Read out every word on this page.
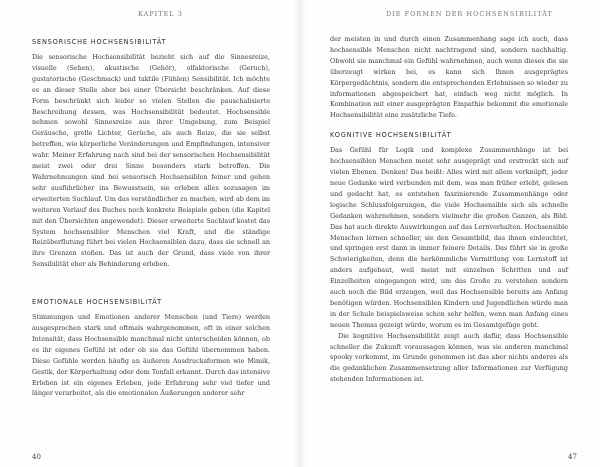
KAPITEL 3
SENSORISCHE HOCHSENSIBILITÄT

Die sensorische Hochsensibilität bezieht sich auf die Sinnesreize, visuelle (Sehen), akustische (Gehör), olfaktorische (Geruch), gustatorische (Geschmack) und taktile (Fühlen) Sensibilität. Ich möchte es an dieser Stelle aber bei einer Übersicht beschränken. Auf diese Form beschränkt sich leider so vielen Stellen die pauschalisierte Beschreibung dessen, was Hochsensibilität bedeutet. Hochsensible nehmen sowohl Sinnesreize aus ihrer Umgebung, zum Beispiel Geräusche, grelle Lichter, Gerüche, als auch Reize, die sie selbst betreffen, wie körperliche Veränderungen und Empfindungen, intensiver wahr. Meiner Erfahrung nach sind bei der sensorischen Hochsensibilität meist zwei oder drei Sinne besonders stark betroffen. Die Wahrnehmungen sind bei sensorisch Hochsensiblen feiner und gehen sehr ausführlicher ins Bewusstsein, sie erleben alles sozusagen im erweiterten Suchlauf. Um das verständlicher zu machen, wird ab dem im weiteren Verlauf des Buches noch konkrete Beispiele geben (die Kapitel mit den Übersichten angewendet). Dieser erweiterte Suchlauf kostet das System hochsensibler Menschen viel Kraft, und die ständige Reizüberflutung führt bei vielen Hochsensiblen dazu, dass sie schnell an ihre Grenzen stoßen. Das ist auch der Grund, dass viele von ihrer Sensibilität eher als Behinderung erleben.

EMOTIONALE HOCHSENSIBILITÄT

Stimmungen und Emotionen anderer Menschen (und Tiere) werden ausgesprochen stark und oftmals wahrgenommen, oft in einer solchen Intensität, dass Hochsensible manchmal nicht unterscheiden können, ob es ihr eigenes Gefühl ist oder ob sie das Gefühl übernommen haben. Diese Gefühle werden häufig an äußeren Ausdrucksformen wie Mimik, Gestik, der Körperhaltung oder dem Tonfall erkannt. Durch das intensive Erleben ist ein eigenes Erleben, jede Erfahrung sehr viel tiefer und länger verarbeitet, als die emotionalen Äußerungen anderer sehr

40
DIE FORMEN DER HOCHSENSIBILITÄT

der meisten in und durch einen Zusammenhang sage ich auch, dass hochsensible Menschen nicht nachtragend sind, sondern nachhaltig. Obwohl sie manchmal ein Gefühl wahrnehmen, auch wenn dieses die sie überzeugt wirken bei, es kann sich Ihnen ausgeprägtes Körpergedächtnis, sondern die entsprechenden Erlebnissen so wieder zu informationen abgespeichert hat, einfach weg nicht möglich. In Kombination mit einer ausgeprägten Empathie bekommt die emotionale Hochsensibilität eine zusätzliche Tiefe.

KOGNITIVE HOCHSENSIBILITÄT

Das Gefühl für Logik und komplexe Zusammenhänge ist bei hochsensiblen Menschen meist sehr ausgeprägt und erstreckt sich auf vielen Ebenen. Denken! Das heißt: Alles wird mit allem verknüpft, jeder neue Gedanke wird verbunden mit dem, was man früher erlebt, gelesen und gedacht hat, es entstehen faszinierende Zusammenhänge oder logische Schlussfolgerungen, die viele Hochsensible sich als schnelle Gedanken wahrnehmen, sondern vielmehr die großen Ganzen, als Bild. Das hat auch direkte Auswirkungen auf das Lernverhalten. Hochsensible Menschen lernen schneller, sie den Gesamtbild, das ihnen einleuchtet, und springen erst dann in immer feinere Details. Das führt sie in große Schwierigkeiten, denn die herkömmliche Vermittlung von Lernstoff ist anders aufgebaut, weil meist mit einzelnen Schritten und auf Einzelheiten eingegangen wird, um das Große zu verstehen sondern auch noch die Bild erzeugen, weil das Hochsensible bereits am Anfang benötigen würden. Hochsensiblen Kindern und Jugendlichen würde man in der Schule beispielsweise schon sehr helfen, wenn man Anfang eines neuen Themas gezeigt würde, worum es im Gesamtgefüge geht.

Die kognitive Hochsensibilität zeigt auch dafür, dass Hochsensible schneller die Zukunft voraussagen können, was sie anderen manchmal spooky vorkommt, im Grunde genommen ist das aber nichts anderes als die gedanklichen Zusammensetzung aller Informationen zur Verfügung stehenden Informationen ist.

47
